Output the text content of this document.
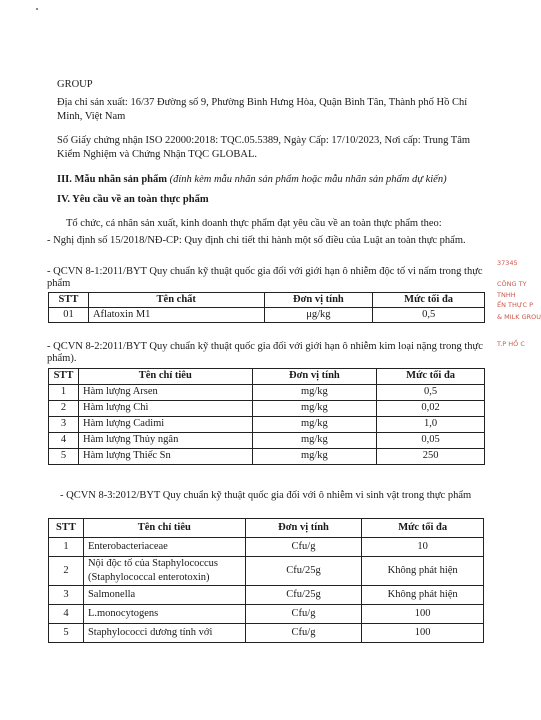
GROUP

Địa chỉ sản xuất: 16/37 Đường số 9, Phường Bình Hưng Hòa, Quận Bình Tân, Thành phố Hồ Chí Minh, Việt Nam

Số Giấy chứng nhận ISO 22000:2018: TQC.05.5389, Ngày Cấp: 17/10/2023, Nơi cấp: Trung Tâm Kiểm Nghiệm và Chứng Nhận TQC GLOBAL.

III. Mẫu nhãn sản phẩm (đính kèm mẫu nhãn sản phẩm hoặc mẫu nhãn sản phẩm dự kiến)

IV. Yêu cầu về an toàn thực phẩm

Tổ chức, cá nhân sản xuất, kinh doanh thực phẩm đạt yêu cầu về an toàn thực phẩm theo:

- Nghị định số 15/2018/NĐ-CP: Quy định chi tiết thi hành một số điều của Luật an toàn thực phẩm.

- QCVN 8-1:2011/BYT Quy chuẩn kỹ thuật quốc gia đối với giới hạn ô nhiễm độc tố vi nấm trong thực phẩm

STT	Tên chất	Đơn vị tính	Mức tối đa
01	Aflatoxin M1	μg/kg	0,5

- QCVN 8-2:2011/BYT Quy chuẩn kỹ thuật quốc gia đối với giới hạn ô nhiễm kim loại nặng trong thực phẩm).

STT	Tên chỉ tiêu	Đơn vị tính	Mức tối đa
1	Hàm lượng Arsen	mg/kg	0,5
2	Hàm lượng Chì	mg/kg	0,02
3	Hàm lượng Cadimi	mg/kg	1,0
4	Hàm lượng Thủy ngân	mg/kg	0,05
5	Hàm lượng Thiếc Sn	mg/kg	250

- QCVN 8-3:2012/BYT Quy chuẩn kỹ thuật quốc gia đối với ô nhiễm vi sinh vật trong thực phẩm

STT	Tên chỉ tiêu	Đơn vị tính	Mức tối đa
1	Enterobacteriaceae	Cfu/g	10
2	Nội độc tố của Staphylococcus (Staphylococcal enterotoxin)	Cfu/25g	Không phát hiện
3	Salmonella	Cfu/25g	Không phát hiện
4	L.monocytogens	Cfu/g	100
5	Staphylococci dương tính với	Cfu/g	100
37345
CÔNG TY
TNHH
ẾN THỰC P
& MILK GROU
T.P HỒ C
